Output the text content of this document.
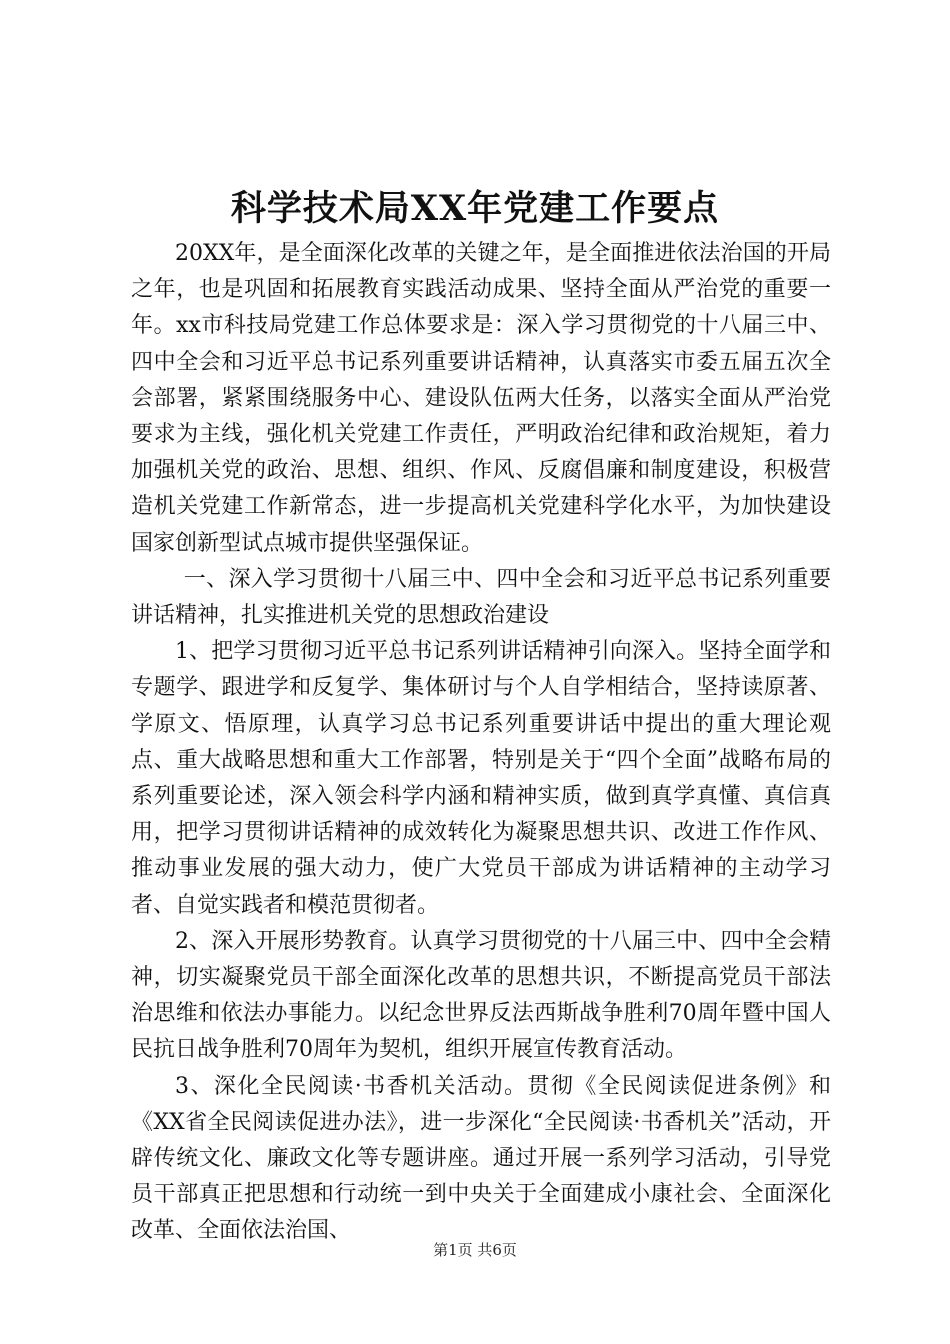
科学技术局XX年党建工作要点

20XX年，是全面深化改革的关键之年，是全面推进依法治国的开局之年，也是巩固和拓展教育实践活动成果、坚持全面从严治党的重要一年。xx市科技局党建工作总体要求是：深入学习贯彻党的十八届三中、四中全会和习近平总书记系列重要讲话精神，认真落实市委五届五次全会部署，紧紧围绕服务中心、建设队伍两大任务，以落实全面从严治党要求为主线，强化机关党建工作责任，严明政治纪律和政治规矩，着力加强机关党的政治、思想、组织、作风、反腐倡廉和制度建设，积极营造机关党建工作新常态，进一步提高机关党建科学化水平，为加快建设国家创新型试点城市提供坚强保证。

一、深入学习贯彻十八届三中、四中全会和习近平总书记系列重要讲话精神，扎实推进机关党的思想政治建设

1、把学习贯彻习近平总书记系列讲话精神引向深入。坚持全面学和专题学、跟进学和反复学、集体研讨与个人自学相结合，坚持读原著、学原文、悟原理，认真学习总书记系列重要讲话中提出的重大理论观点、重大战略思想和重大工作部署，特别是关于“四个全面”战略布局的系列重要论述，深入领会科学内涵和精神实质，做到真学真懂、真信真用，把学习贯彻讲话精神的成效转化为凝聚思想共识、改进工作作风、推动事业发展的强大动力，使广大党员干部成为讲话精神的主动学习者、自觉实践者和模范贯彻者。

2、深入开展形势教育。认真学习贯彻党的十八届三中、四中全会精神，切实凝聚党员干部全面深化改革的思想共识，不断提高党员干部法治思维和依法办事能力。以纪念世界反法西斯战争胜利70周年暨中国人民抗日战争胜利70周年为契机，组织开展宣传教育活动。

3、深化全民阅读·书香机关活动。贯彻《全民阅读促进条例》和《XX省全民阅读促进办法》，进一步深化“全民阅读·书香机关”活动，开辟传统文化、廉政文化等专题讲座。通过开展一系列学习活动，引导党员干部真正把思想和行动统一到中央关于全面建成小康社会、全面深化改革、全面依法治国、

第1页 共6页
